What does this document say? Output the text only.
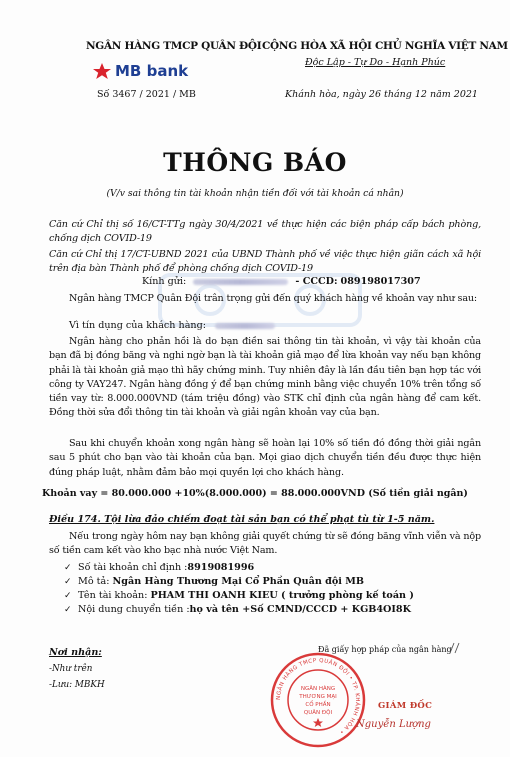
NGÂN HÀNG TMCP QUÂN ĐỘI
MB bank
Số 3467 / 2021 / MB
CỘNG HÒA XÃ HỘI CHỦ NGHĨA VIỆT NAM
Độc Lập - Tự Do - Hạnh Phúc
Khánh hòa, ngày 26 tháng 12 năm 2021
THÔNG BÁO
(V/v sai thông tin tài khoản nhận tiền đối với tài khoản cá nhân)
Căn cứ Chỉ thị số 16/CT-TTg ngày 30/4/2021 về thực hiện các biện pháp cấp bách phòng, chống dịch COVID-19
Căn cứ Chỉ thị 17/CT-UBND 2021 của UBND Thành phố về việc thực hiện giãn cách xã hội trên địa bàn Thành phố để phòng chống dịch COVID-19
Kính gửi:	- CCCD: 089198017307
Ngân hàng TMCP Quân Đội trân trọng gửi đến quý khách hàng về khoản vay như sau:
Vì tín dụng của khách hàng:
Ngân hàng cho phản hồi là do bạn điền sai thông tin tài khoản, vì vậy tài khoản của bạn đã bị đóng băng và nghi ngờ bạn là tài khoản giả mạo để lừa khoản vay nếu bạn không phải là tài khoản giả mạo thì hãy chứng minh. Tuy nhiên đây là lần đầu tiên bạn hợp tác với công ty VAY247. Ngân hàng đồng ý để bạn chứng minh bằng việc chuyển 10% trên tổng số tiền vay từ: 8.000.000VND (tám triệu đồng) vào STK chỉ định của ngân hàng để cam kết. Đồng thời sửa đổi thông tin tài khoản và giải ngân khoản vay của bạn.
Sau khi chuyển khoản xong ngân hàng sẽ hoàn lại 10% số tiền đó đồng thời giải ngân sau 5 phút cho bạn vào tài khoản của bạn. Mọi giao dịch chuyển tiền đều được thực hiện đúng pháp luật, nhằm đảm bảo mọi quyền lợi cho khách hàng.
Khoản vay = 80.000.000 +10%(8.000.000) = 88.000.000VND (Số tiền giải ngân)
Điều 174. Tội lừa đảo chiếm đoạt tài sản bạn có thể phạt tù từ 1-5 năm.
Nếu trong ngày hôm nay bạn không giải quyết chứng từ sẽ đóng băng vĩnh viễn và nộp số tiền cam kết vào kho bạc nhà nước Việt Nam.
✓ Số tài khoản chỉ định :8919081996
✓ Mô tả: Ngân Hàng Thương Mại Cổ Phần Quân đội MB
✓ Tên tài khoản: PHAM THI OANH KIEU ( trưởng phòng kế toán )
✓ Nội dung chuyển tiền :họ và tên +Số CMND/CCCD + KGB4OI8K
Nơi nhận:
-Như trên
-Lưu: MBKH
Đã giấy hợp pháp của ngân hàng
NGÂN HÀNG TMCP QUÂN ĐỘI • TP. KHÁNH HÒA •
NGÂN HÀNG
THƯƠNG MẠI
CỔ PHẦN
QUÂN ĐỘI
GIÁM ĐỐC
Nguyễn Lượng
